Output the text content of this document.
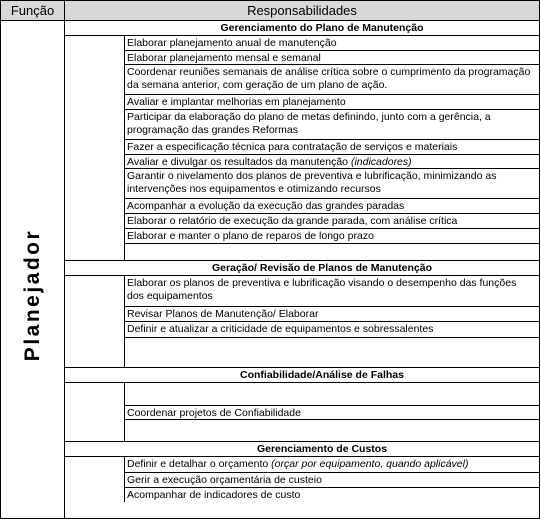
Função	Responsabilidades
Planejador
Gerenciamento do Plano de Manutenção
Elaborar planejamento anual de manutenção
Elaborar planejamento mensal e semanal
Coordenar reuniões semanais de análise crítica sobre o cumprimento da programação da semana anterior, com geração de um plano de ação.
Avaliar e implantar melhorias em planejamento
Participar da elaboração do plano de metas definindo, junto com a gerência, a programação das grandes Reformas
Fazer a especificação técnica para contratação de serviços e materiais
Avaliar e divulgar os resultados da manutenção (indicadores)
Garantir o nivelamento dos planos de preventiva e lubrificação, minimizando as intervenções nos equipamentos e otimizando recursos
Acompanhar a evolução da execução das grandes paradas
Elaborar o relatório de execução da grande parada, com análise crítica
Elaborar e manter o plano de reparos de longo prazo
Geração/ Revisão de Planos de Manutenção
Elaborar os planos de preventiva e lubrificação visando o desempenho das funções dos equipamentos
Revisar Planos de Manutenção/ Elaborar
Definir e atualizar a criticidade de equipamentos e sobressalentes
Confiabilidade/Análise de Falhas
Coordenar projetos de Confiabilidade
Gerenciamento de Custos
Definir e detalhar o orçamento (orçar por equipamento, quando aplicável)
Gerir a execução orçamentária de custeio
Acompanhar de indicadores de custo
